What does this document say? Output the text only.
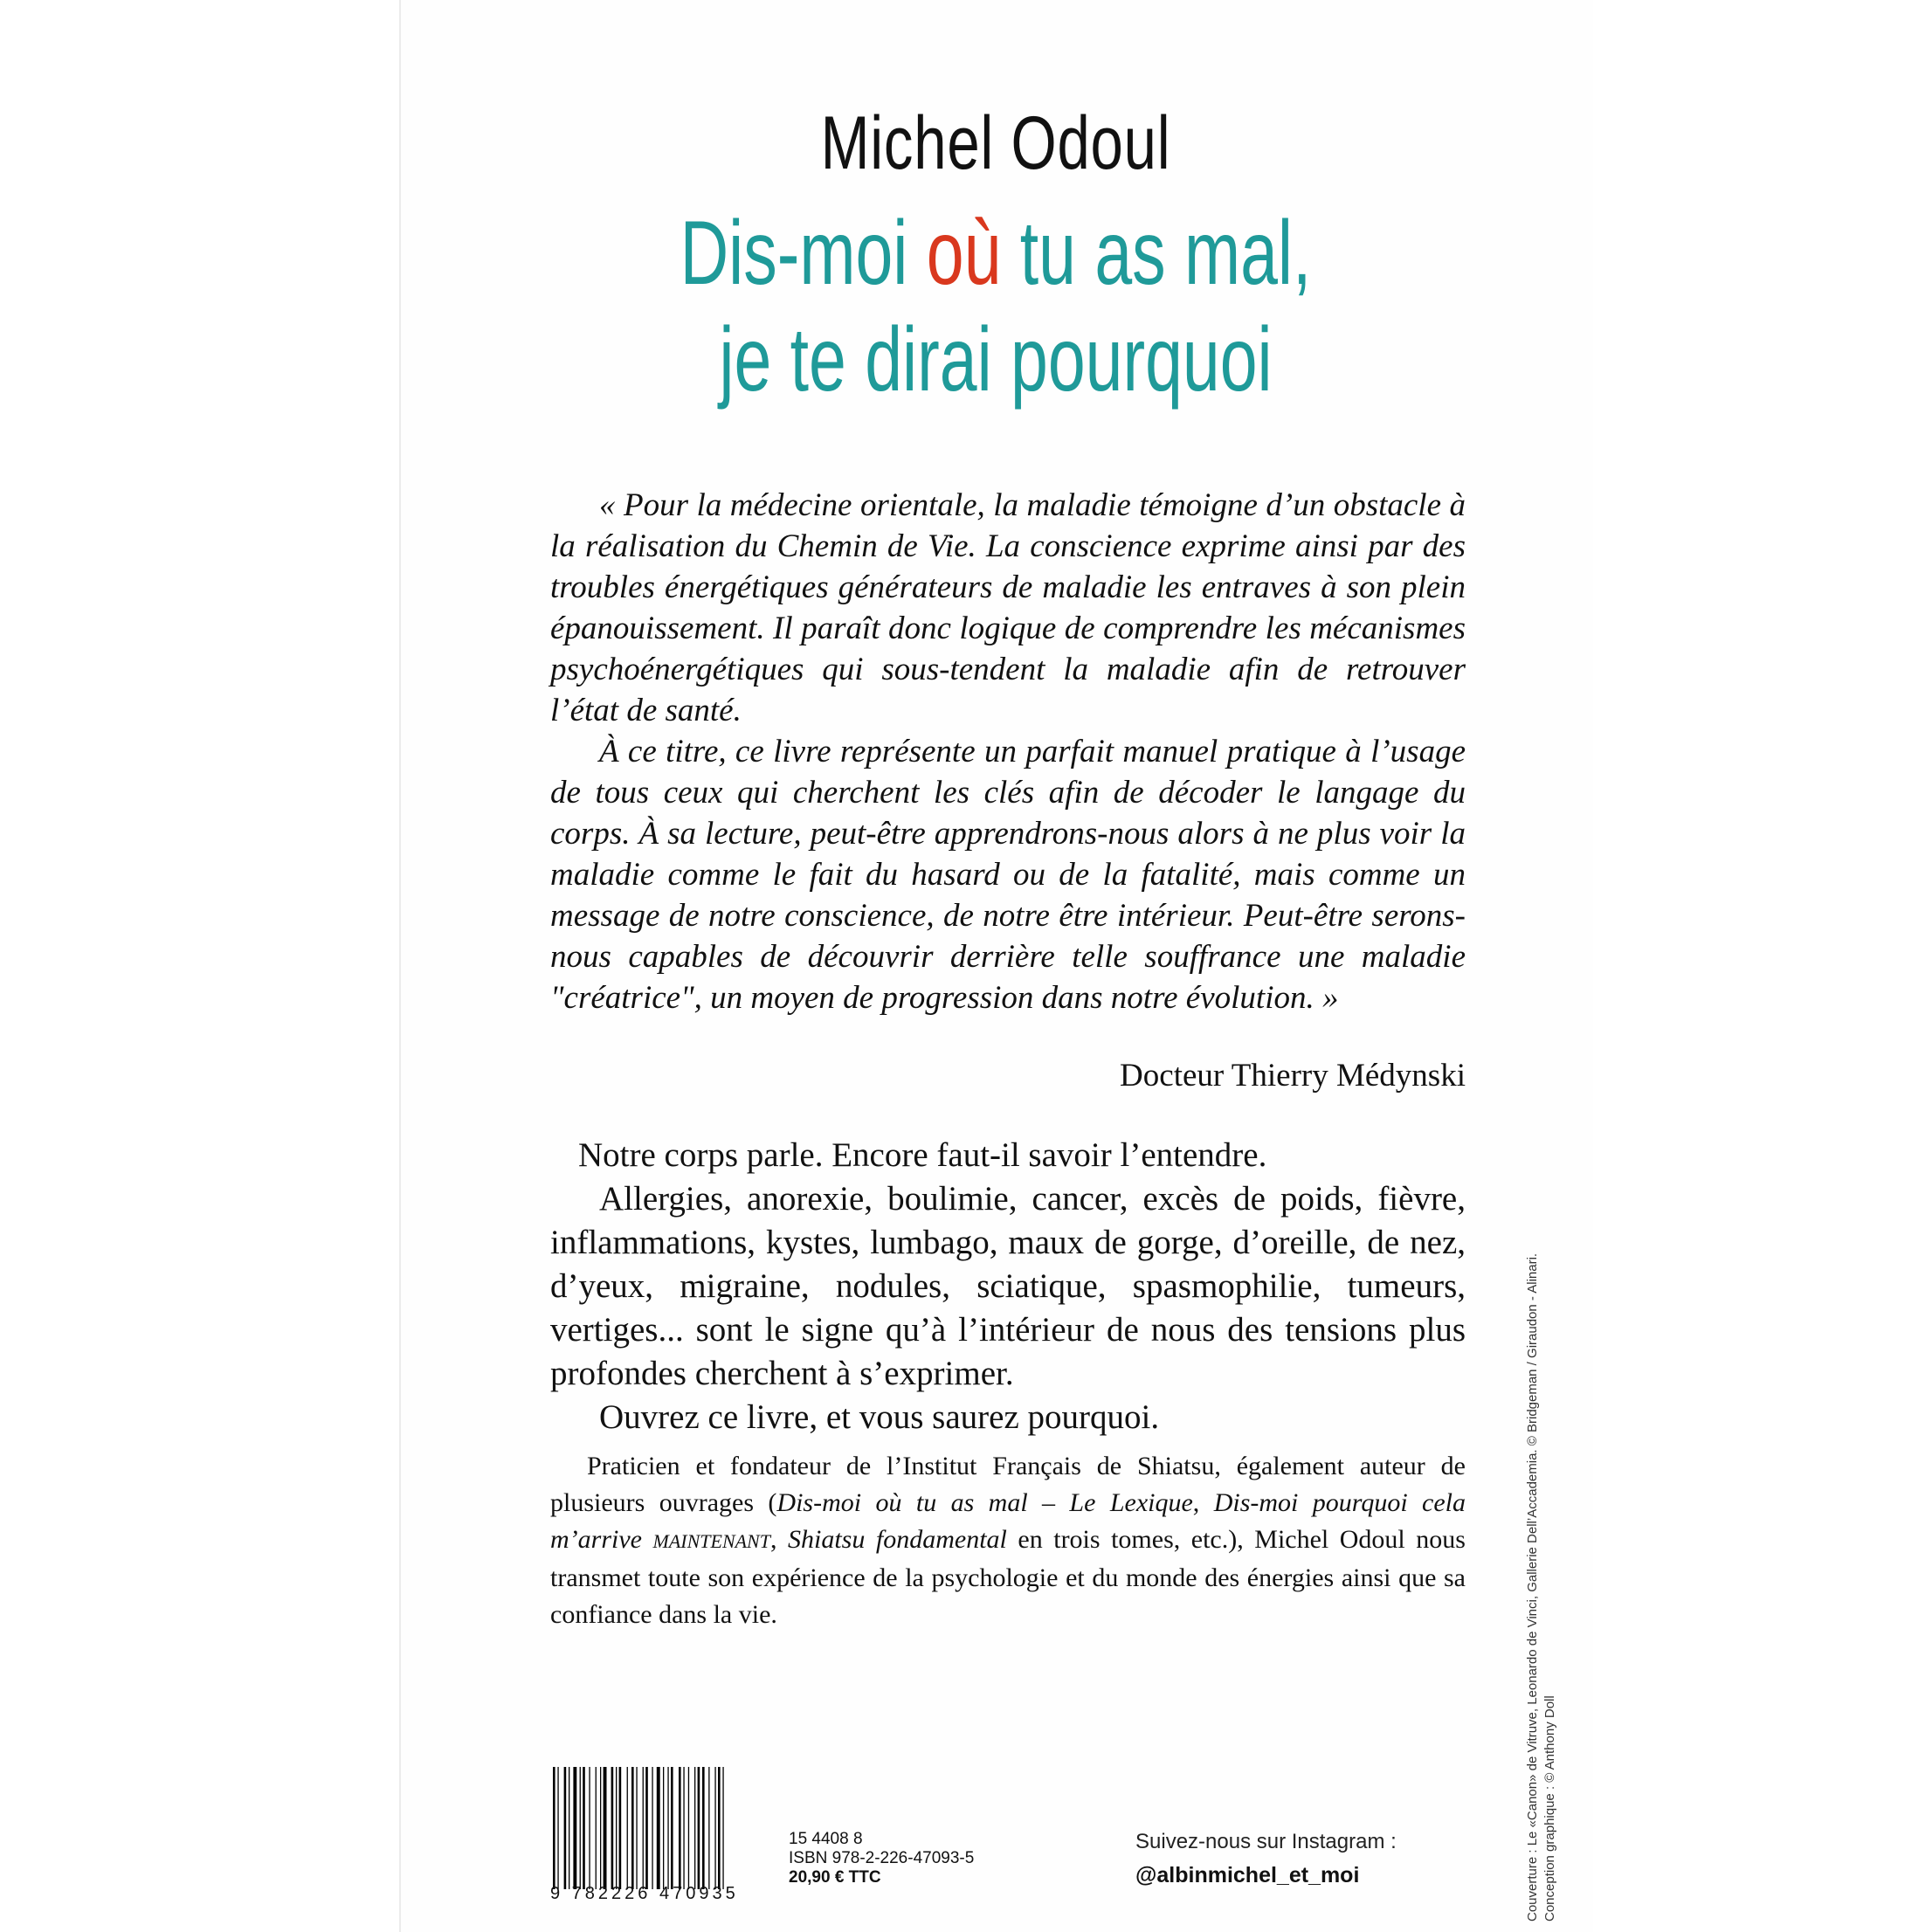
Michel Odoul
Dis-moi où tu as mal,
je te dirai pourquoi

« Pour la médecine orientale, la maladie témoigne d’un obstacle à la réalisation du Chemin de Vie. La conscience exprime ainsi par des troubles énergétiques générateurs de maladie les entraves à son plein épanouissement. Il paraît donc logique de comprendre les mécanismes psychoénergétiques qui sous-tendent la maladie afin de retrouver l’état de santé.

À ce titre, ce livre représente un parfait manuel pratique à l’usage de tous ceux qui cherchent les clés afin de décoder le langage du corps. À sa lecture, peut-être apprendrons-nous alors à ne plus voir la maladie comme le fait du hasard ou de la fatalité, mais comme un message de notre conscience, de notre être intérieur. Peut-être serons-nous capables de découvrir derrière telle souffrance une maladie "créatrice", un moyen de progression dans notre évolution. »

Docteur Thierry Médynski

Notre corps parle. Encore faut-il savoir l’entendre.

Allergies, anorexie, boulimie, cancer, excès de poids, fièvre, inflammations, kystes, lumbago, maux de gorge, d’oreille, de nez, d’yeux, migraine, nodules, sciatique, spasmophilie, tumeurs, vertiges... sont le signe qu’à l’intérieur de nous des tensions plus profondes cherchent à s’exprimer.

Ouvrez ce livre, et vous saurez pourquoi.

Praticien et fondateur de l’Institut Français de Shiatsu, également auteur de plusieurs ouvrages (Dis-moi où tu as mal – Le Lexique, Dis-moi pourquoi cela m’arrive MAINTENANT, Shiatsu fondamental en trois tomes, etc.), Michel Odoul nous transmet toute son expérience de la psychologie et du monde des énergies ainsi que sa confiance dans la vie.

9 782226 470935
15 4408 8
ISBN 978-2-226-47093-5
20,90 € TTC
Suivez-nous sur Instagram :
@albinmichel_et_moi	Couverture : Le «Canon» de Vitruve, Leonardo de Vinci, Gallerie Dell’Accademia. © Bridgeman / Giraudon - Alinari. Conception graphique : © Anthony Doll
